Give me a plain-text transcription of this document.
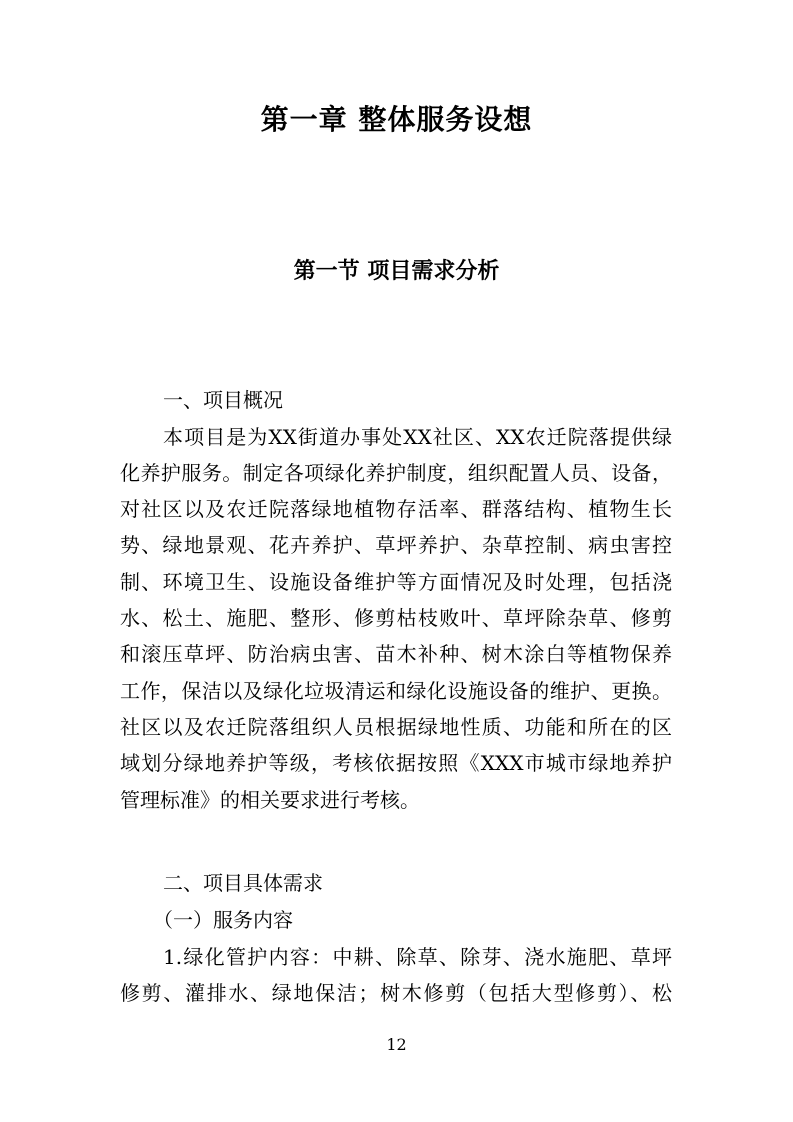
第一章 整体服务设想
第一节 项目需求分析
一、项目概况
本项目是为XX街道办事处XX社区、XX农迁院落提供绿
化养护服务。制定各项绿化养护制度，组织配置人员、设备，
对社区以及农迁院落绿地植物存活率、群落结构、植物生长
势、绿地景观、花卉养护、草坪养护、杂草控制、病虫害控
制、环境卫生、设施设备维护等方面情况及时处理，包括浇
水、松土、施肥、整形、修剪枯枝败叶、草坪除杂草、修剪
和滚压草坪、防治病虫害、苗木补种、树木涂白等植物保养
工作，保洁以及绿化垃圾清运和绿化设施设备的维护、更换。
社区以及农迁院落组织人员根据绿地性质、功能和所在的区
域划分绿地养护等级，考核依据按照《XXX市城市绿地养护
管理标准》的相关要求进行考核。
二、项目具体需求
（一）服务内容
1.绿化管护内容：中耕、除草、除芽、浇水施肥、草坪
修剪、灌排水、绿地保洁；树木修剪（包括大型修剪）、松
12
